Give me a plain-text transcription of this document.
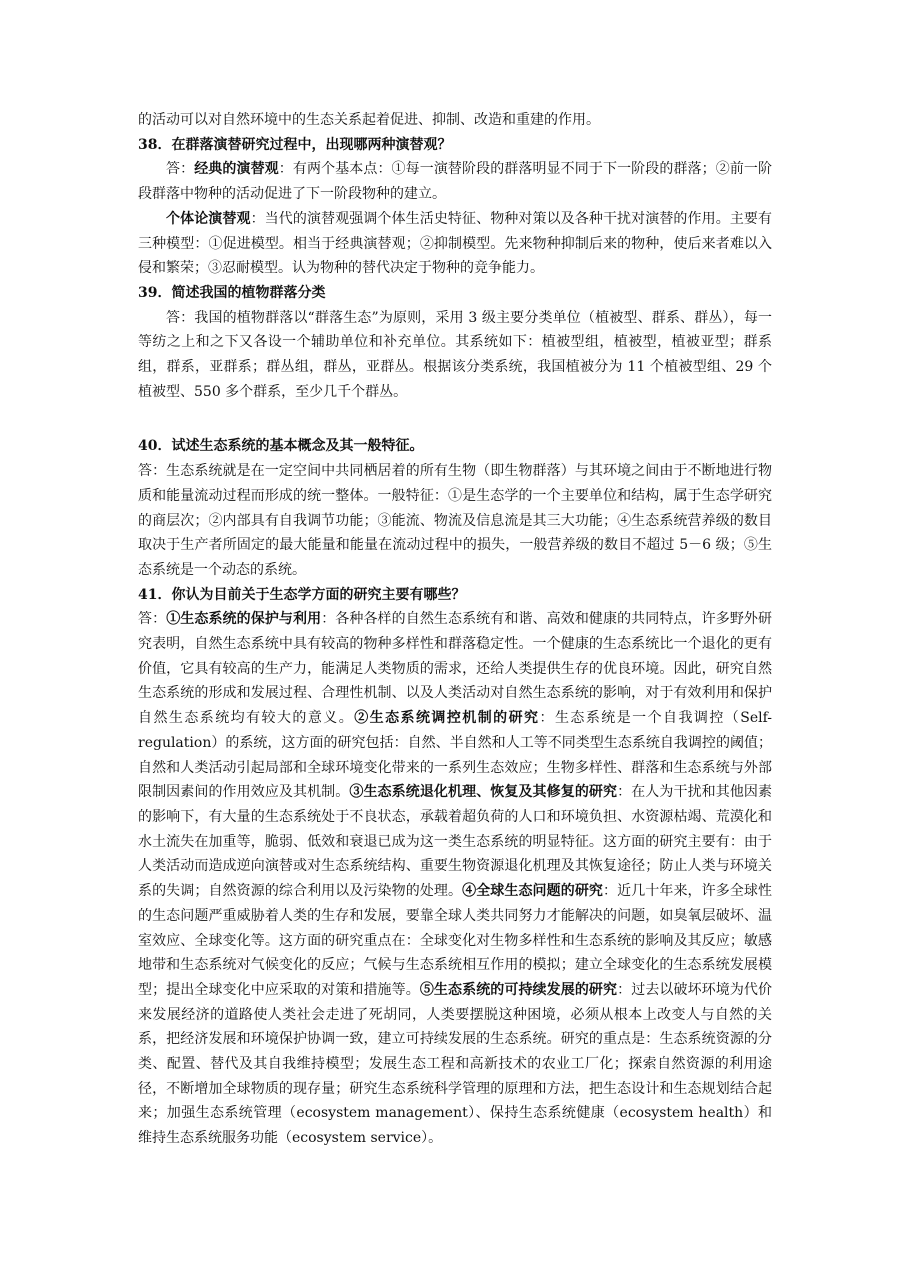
的活动可以对自然环境中的生态关系起着促进、抑制、改造和重建的作用。

38．在群落演替研究过程中，出现哪两种演替观？

答：经典的演替观：有两个基本点：①每一演替阶段的群落明显不同于下一阶段的群落；②前一阶段群落中物种的活动促进了下一阶段物种的建立。

个体论演替观：当代的演替观强调个体生活史特征、物种对策以及各种干扰对演替的作用。主要有三种模型：①促进模型。相当于经典演替观；②抑制模型。先来物种抑制后来的物种，使后来者难以入侵和繁荣；③忍耐模型。认为物种的替代决定于物种的竞争能力。

39．简述我国的植物群落分类

答：我国的植物群落以“群落生态”为原则，采用 3 级主要分类单位（植被型、群系、群丛），每一等纺之上和之下又各设一个辅助单位和补充单位。其系统如下：植被型组，植被型，植被亚型；群系组，群系，亚群系；群丛组，群丛，亚群丛。根据该分类系统，我国植被分为 11 个植被型组、29 个植被型、550 多个群系，至少几千个群丛。

40．试述生态系统的基本概念及其一般特征。

答：生态系统就是在一定空间中共同栖居着的所有生物（即生物群落）与其环境之间由于不断地进行物质和能量流动过程而形成的统一整体。一般特征：①是生态学的一个主要单位和结构，属于生态学研究的商层次；②内部具有自我调节功能；③能流、物流及信息流是其三大功能；④生态系统营养级的数目取决于生产者所固定的最大能量和能量在流动过程中的损失，一般营养级的数目不超过 5－6 级；⑤生态系统是一个动态的系统。

41．你认为目前关于生态学方面的研究主要有哪些？

答：①生态系统的保护与利用：各种各样的自然生态系统有和谐、高效和健康的共同特点，许多野外研究表明，自然生态系统中具有较高的物种多样性和群落稳定性。一个健康的生态系统比一个退化的更有价值，它具有较高的生产力，能满足人类物质的需求，还给人类提供生存的优良环境。因此，研究自然生态系统的形成和发展过程、合理性机制、以及人类活动对自然生态系统的影响，对于有效利用和保护自然生态系统均有较大的意义。②生态系统调控机制的研究：生态系统是一个自我调控（Self- regulation）的系统，这方面的研究包括：自然、半自然和人工等不同类型生态系统自我调控的阈值；自然和人类活动引起局部和全球环境变化带来的一系列生态效应；生物多样性、群落和生态系统与外部限制因素间的作用效应及其机制。③生态系统退化机理、恢复及其修复的研究：在人为干扰和其他因素的影响下，有大量的生态系统处于不良状态，承载着超负荷的人口和环境负担、水资源枯竭、荒漠化和水土流失在加重等，脆弱、低效和衰退已成为这一类生态系统的明显特征。这方面的研究主要有：由于人类活动而造成逆向演替或对生态系统结构、重要生物资源退化机理及其恢复途径；防止人类与环境关系的失调；自然资源的综合利用以及污染物的处理。④全球生态问题的研究：近几十年来，许多全球性的生态问题严重威胁着人类的生存和发展，要靠全球人类共同努力才能解决的问题，如臭氧层破坏、温室效应、全球变化等。这方面的研究重点在：全球变化对生物多样性和生态系统的影响及其反应；敏感地带和生态系统对气候变化的反应；气候与生态系统相互作用的模拟；建立全球变化的生态系统发展模型；提出全球变化中应采取的对策和措施等。⑤生态系统的可持续发展的研究：过去以破坏环境为代价来发展经济的道路使人类社会走进了死胡同，人类要摆脱这种困境，必须从根本上改变人与自然的关系，把经济发展和环境保护协调一致，建立可持续发展的生态系统。研究的重点是：生态系统资源的分类、配置、替代及其自我维持模型；发展生态工程和高新技术的农业工厂化；探索自然资源的利用途径，不断增加全球物质的现存量；研究生态系统科学管理的原理和方法，把生态设计和生态规划结合起来；加强生态系统管理（ecosystem management）、保持生态系统健康（ecosystem health）和维持生态系统服务功能（ecosystem service）。
